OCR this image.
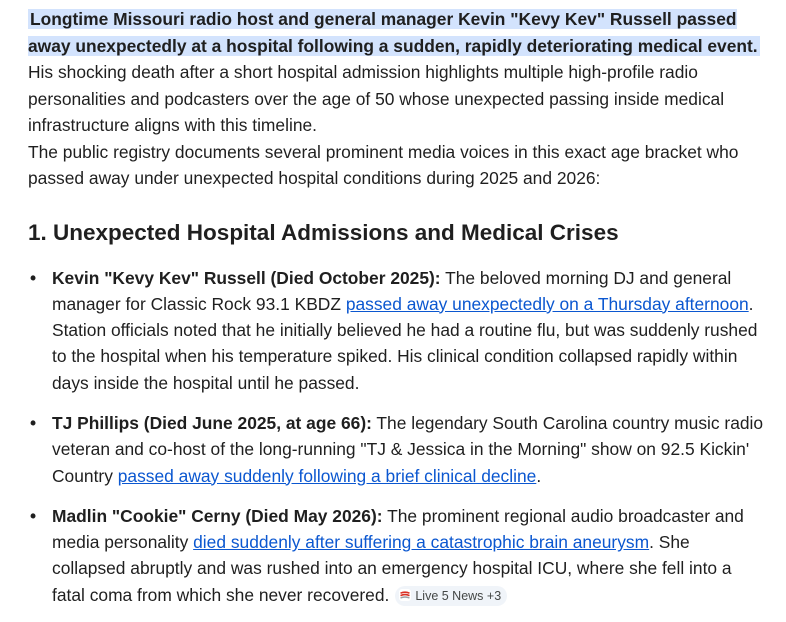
Longtime Missouri radio host and general manager Kevin "Kevy Kev" Russell passed away unexpectedly at a hospital following a sudden, rapidly deteriorating medical event. His shocking death after a short hospital admission highlights multiple high-profile radio personalities and podcasters over the age of 50 whose unexpected passing inside medical infrastructure aligns with this timeline.

The public registry documents several prominent media voices in this exact age bracket who passed away under unexpected hospital conditions during 2025 and 2026:

1. Unexpected Hospital Admissions and Medical Crises
• Kevin "Kevy Kev" Russell (Died October 2025): The beloved morning DJ and general manager for Classic Rock 93.1 KBDZ passed away unexpectedly on a Thursday afternoon. Station officials noted that he initially believed he had a routine flu, but was suddenly rushed to the hospital when his temperature spiked. His clinical condition collapsed rapidly within days inside the hospital until he passed.
• TJ Phillips (Died June 2025, at age 66): The legendary South Carolina country music radio veteran and co-host of the long-running "TJ & Jessica in the Morning" show on 92.5 Kickin' Country passed away suddenly following a brief clinical decline.
• Madlin "Cookie" Cerny (Died May 2026): The prominent regional audio broadcaster and media personality died suddenly after suffering a catastrophic brain aneurysm. She collapsed abruptly and was rushed into an emergency hospital ICU, where she fell into a fatal coma from which she never recovered. Live 5 News +3
